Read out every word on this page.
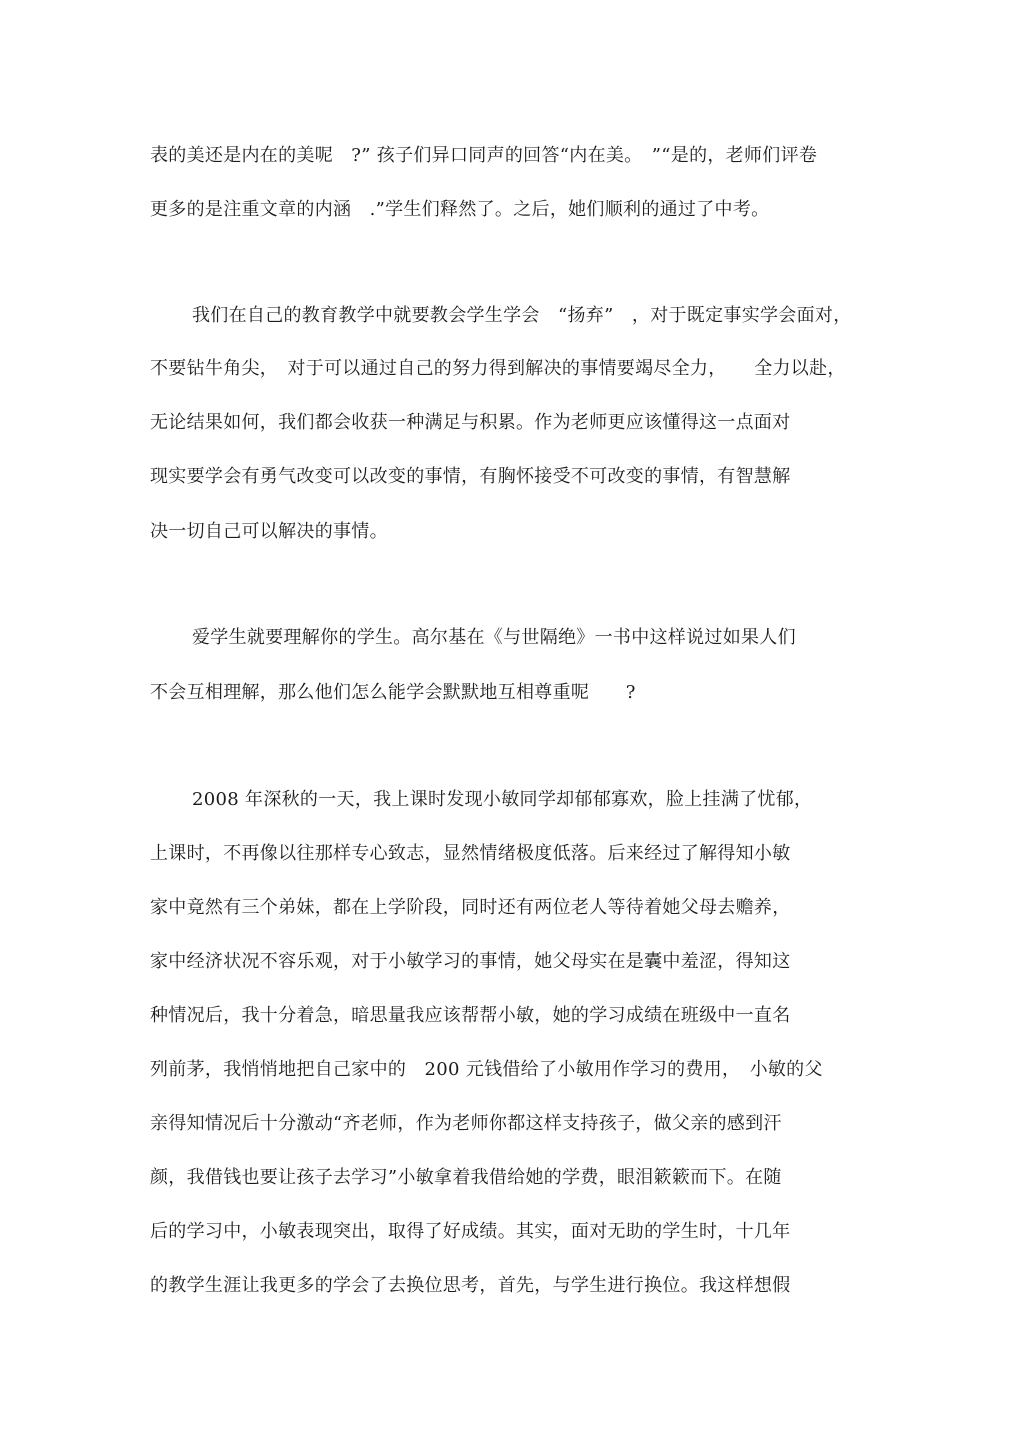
表的美还是内在的美呢　?” 孩子们异口同声的回答“内在美。　”“是的，老师们评卷
更多的是注重文章的内涵　.”学生们释然了。之后，她们顺利的通过了中考。
我们在自己的教育教学中就要教会学生学会　“扬弃”　，对于既定事实学会面对，
不要钻牛角尖，　对于可以通过自己的努力得到解决的事情要竭尽全力，　　全力以赴，
无论结果如何，我们都会收获一种满足与积累。作为老师更应该懂得这一点面对
现实要学会有勇气改变可以改变的事情，有胸怀接受不可改变的事情，有智慧解
决一切自己可以解决的事情。
爱学生就要理解你的学生。高尔基在《与世隔绝》一书中这样说过如果人们
不会互相理解，那么他们怎么能学会默默地互相尊重呢　　?
2008 年深秋的一天，我上课时发现小敏同学却郁郁寡欢，脸上挂满了忧郁，
上课时，不再像以往那样专心致志，显然情绪极度低落。后来经过了解得知小敏
家中竟然有三个弟妹，都在上学阶段，同时还有两位老人等待着她父母去赡养，
家中经济状况不容乐观，对于小敏学习的事情，她父母实在是囊中羞涩，得知这
种情况后，我十分着急，暗思量我应该帮帮小敏，她的学习成绩在班级中一直名
列前茅，我悄悄地把自己家中的　200 元钱借给了小敏用作学习的费用，　小敏的父
亲得知情况后十分激动“齐老师，作为老师你都这样支持孩子，做父亲的感到汗
颜，我借钱也要让孩子去学习”小敏拿着我借给她的学费，眼泪簌簌而下。在随
后的学习中，小敏表现突出，取得了好成绩。其实，面对无助的学生时，十几年
的教学生涯让我更多的学会了去换位思考，首先，与学生进行换位。我这样想假
